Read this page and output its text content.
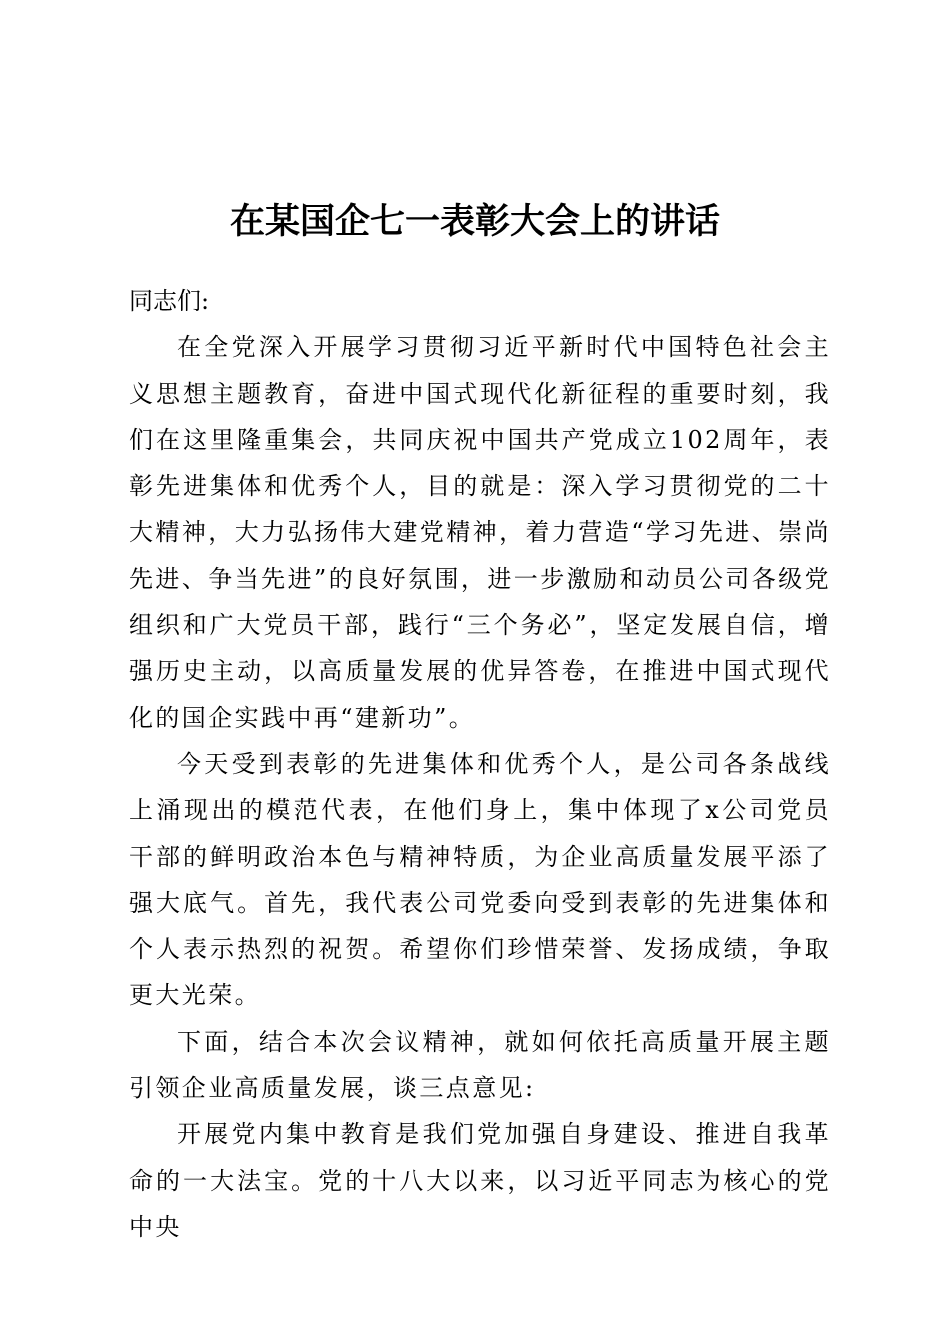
在某国企七一表彰大会上的讲话

同志们:

在全党深入开展学习贯彻习近平新时代中国特色社会主义思想主题教育，奋进中国式现代化新征程的重要时刻，我们在这里隆重集会，共同庆祝中国共产党成立102周年，表彰先进集体和优秀个人，目的就是：深入学习贯彻党的二十大精神，大力弘扬伟大建党精神，着力营造“学习先进、崇尚先进、争当先进”的良好氛围，进一步激励和动员公司各级党组织和广大党员干部，践行“三个务必”，坚定发展自信，增强历史主动，以高质量发展的优异答卷，在推进中国式现代化的国企实践中再“建新功”。

今天受到表彰的先进集体和优秀个人，是公司各条战线上涌现出的模范代表，在他们身上，集中体现了x公司党员干部的鲜明政治本色与精神特质，为企业高质量发展平添了强大底气。首先，我代表公司党委向受到表彰的先进集体和个人表示热烈的祝贺。希望你们珍惜荣誉、发扬成绩，争取更大光荣。

下面，结合本次会议精神，就如何依托高质量开展主题引领企业高质量发展，谈三点意见:

开展党内集中教育是我们党加强自身建设、推进自我革命的一大法宝。党的十八大以来，以习近平同志为核心的党中央
